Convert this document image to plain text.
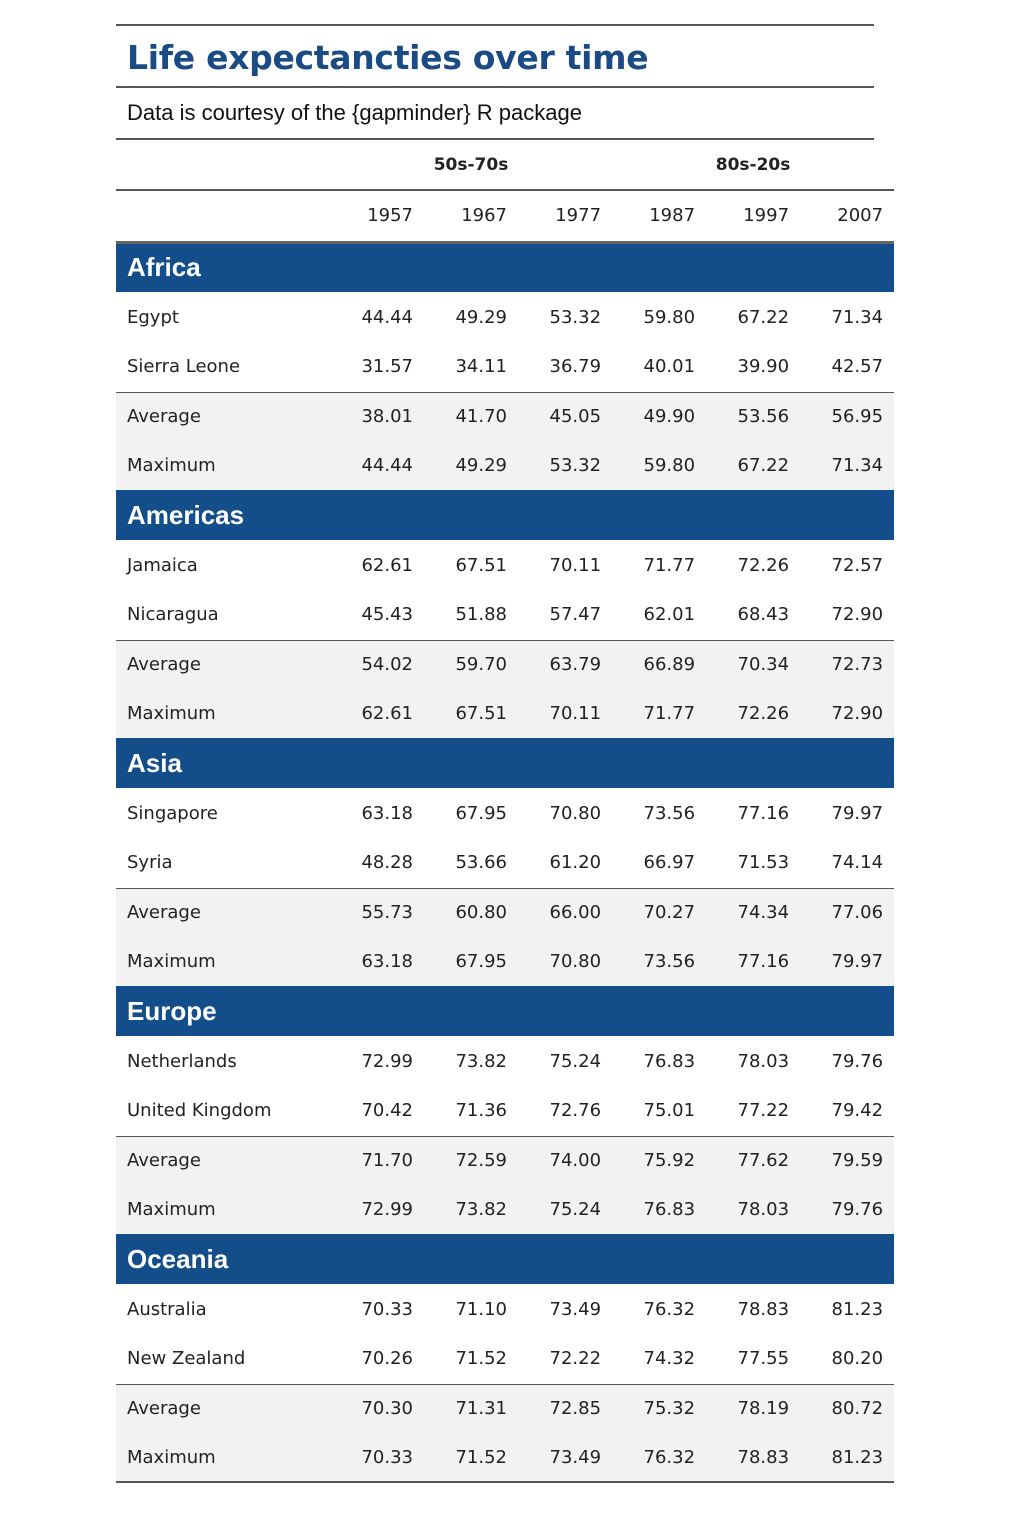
Life expectancties over time
Data is courtesy of the {gapminder} R package
	50s-70s			80s-20s		
	1957	1967	1977	1987	1997	2007
Africa						
Egypt	44.44	49.29	53.32	59.80	67.22	71.34
Sierra Leone	31.57	34.11	36.79	40.01	39.90	42.57
Average	38.01	41.70	45.05	49.90	53.56	56.95
Maximum	44.44	49.29	53.32	59.80	67.22	71.34
Americas						
Jamaica	62.61	67.51	70.11	71.77	72.26	72.57
Nicaragua	45.43	51.88	57.47	62.01	68.43	72.90
Average	54.02	59.70	63.79	66.89	70.34	72.73
Maximum	62.61	67.51	70.11	71.77	72.26	72.90
Asia						
Singapore	63.18	67.95	70.80	73.56	77.16	79.97
Syria	48.28	53.66	61.20	66.97	71.53	74.14
Average	55.73	60.80	66.00	70.27	74.34	77.06
Maximum	63.18	67.95	70.80	73.56	77.16	79.97
Europe						
Netherlands	72.99	73.82	75.24	76.83	78.03	79.76
United Kingdom	70.42	71.36	72.76	75.01	77.22	79.42
Average	71.70	72.59	74.00	75.92	77.62	79.59
Maximum	72.99	73.82	75.24	76.83	78.03	79.76
Oceania						
Australia	70.33	71.10	73.49	76.32	78.83	81.23
New Zealand	70.26	71.52	72.22	74.32	77.55	80.20
Average	70.30	71.31	72.85	75.32	78.19	80.72
Maximum	70.33	71.52	73.49	76.32	78.83	81.23
